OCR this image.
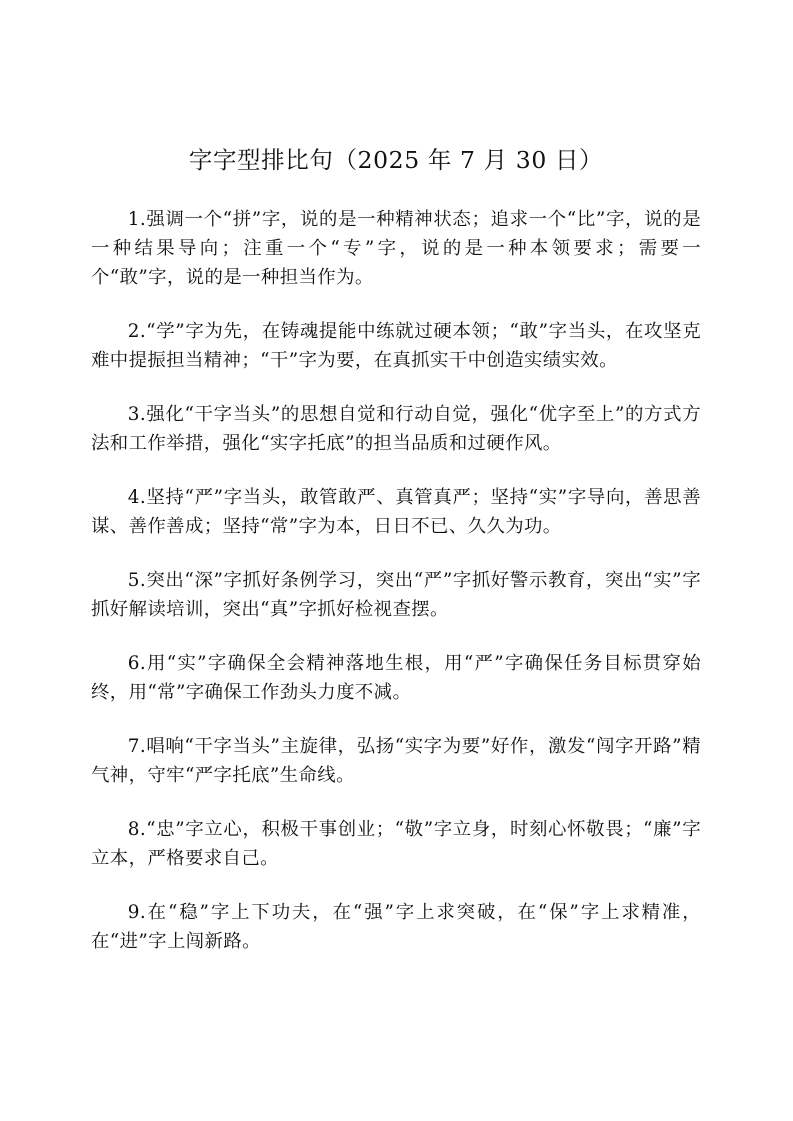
字字型排比句（2025 年 7 月 30 日）

1.强调一个“拼”字，说的是一种精神状态；追求一个“比”字，说的是一种结果导向；注重一个“专”字，说的是一种本领要求；需要一个“敢”字，说的是一种担当作为。

2.“学”字为先，在铸魂提能中练就过硬本领；“敢”字当头，在攻坚克难中提振担当精神；“干”字为要，在真抓实干中创造实绩实效。

3.强化“干字当头”的思想自觉和行动自觉，强化“优字至上”的方式方法和工作举措，强化“实字托底”的担当品质和过硬作风。

4.坚持“严”字当头，敢管敢严、真管真严；坚持“实”字导向，善思善谋、善作善成；坚持“常”字为本，日日不已、久久为功。

5.突出“深”字抓好条例学习，突出“严”字抓好警示教育，突出“实”字抓好解读培训，突出“真”字抓好检视查摆。

6.用“实”字确保全会精神落地生根，用“严”字确保任务目标贯穿始终，用“常”字确保工作劲头力度不减。

7.唱响“干字当头”主旋律，弘扬“实字为要”好作，激发“闯字开路”精气神，守牢“严字托底”生命线。

8.“忠”字立心，积极干事创业；“敬”字立身，时刻心怀敬畏；“廉”字立本，严格要求自己。

9.在“稳”字上下功夫，在“强”字上求突破，在“保”字上求精准，在“进”字上闯新路。
